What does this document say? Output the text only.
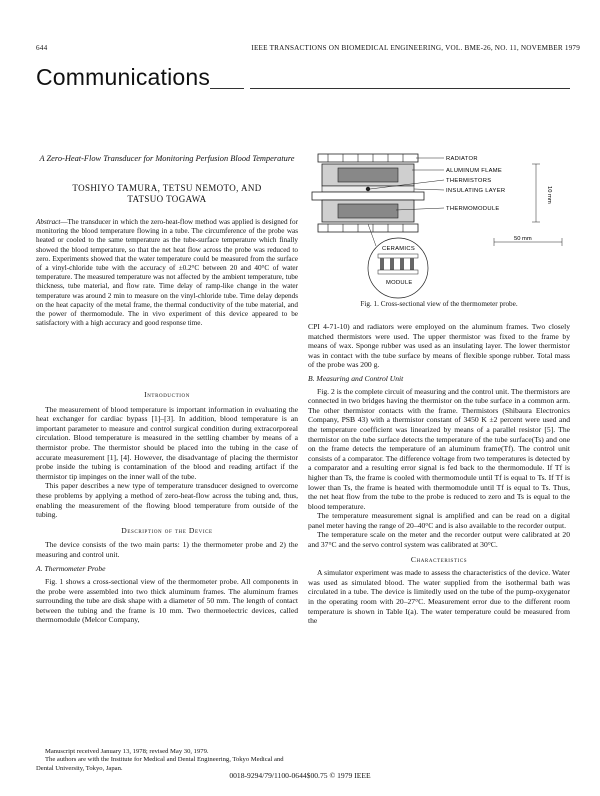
644	IEEE TRANSACTIONS ON BIOMEDICAL ENGINEERING, VOL. BME-26, NO. 11, NOVEMBER 1979
Communications
A Zero-Heat-Flow Transducer for Monitoring Perfusion Blood Temperature
TOSHIYO TAMURA, TETSU NEMOTO, AND
TATSUO TOGAWA

Abstract—The transducer in which the zero-heat-flow method was applied is designed for monitoring the blood temperature flowing in a tube. The circumference of the probe was heated or cooled to the same temperature as the tube-surface temperature which finally showed the blood temperature, so that the net heat flow across the probe was reduced to zero. Experiments showed that the water temperature could be measured from the surface of a vinyl-chloride tube with the accuracy of ±0.2°C between 20 and 40°C of water temperature. The measured temperature was not affected by the ambient temperature, tube thickness, tube material, and flow rate. Time delay of ramp-like change in the water temperature was around 2 min to measure on the vinyl-chloride tube. Time delay depends on the heat capacity of the metal frame, the thermal conductivity of the tube material, and the power of thermomodule. The in vivo experiment of this device appeared to be satisfactory with a high accuracy and good response time.

Introduction

The measurement of blood temperature is important information in evaluating the heat exchanger for cardiac bypass [1]–[3]. In addition, blood temperature is an important parameter to measure and control surgical condition during extracorporeal circulation. Blood temperature is measured in the settling chamber by means of a thermistor probe. The thermistor should be placed into the tubing in the case of accurate measurement [1], [4]. However, the disadvantage of placing the thermistor probe inside the tubing is contamination of the blood and reading artifact if the thermistor tip impinges on the inner wall of the tube.

This paper describes a new type of temperature transducer designed to overcome these problems by applying a method of zero-heat-flow across the tubing and, thus, enabling the measurement of the flowing blood temperature from outside of the tubing.

Description of the Device

The device consists of the two main parts: 1) the thermometer probe and 2) the measuring and control unit.

A. Thermometer Probe

Fig. 1 shows a cross-sectional view of the thermometer probe. All components in the probe were assembled into two thick aluminum frames. The aluminum frames surrounding the tube are disk shape with a diameter of 50 mm. The length of contact between the tubing and the frame is 10 mm. Two thermoelectric devices, called thermomodule (Melcor Company,

Manuscript received January 13, 1978; revised May 30, 1979.

The authors are with the Institute for Medical and Dental Engineering, Tokyo Medical and Dental University, Tokyo, Japan.

RADIATOR
ALUMINUM FLAME
THERMISTORS
INSULATING LAYER
THERMOMODULE
10 mm
50 mm
CERAMICS
MODULE
Fig. 1. Cross-sectional view of the thermometer probe.

CPI 4-71-10) and radiators were employed on the aluminum frames. Two closely matched thermistors were used. The upper thermistor was fixed to the frame by means of wax. Sponge rubber was used as an insulating layer. The lower thermistor was in contact with the tube surface by means of flexible sponge rubber. Total mass of the probe was 200 g.

B. Measuring and Control Unit

Fig. 2 is the complete circuit of measuring and the control unit. The thermistors are connected in two bridges having the thermistor on the tube surface in a common arm. The other thermistor contacts with the frame. Thermistors (Shibaura Electronics Company, PSB 43) with a thermistor constant of 3450 K ±2 percent were used and the temperature coefficient was linearized by means of a parallel resistor [5]. The thermistor on the tube surface detects the temperature of the tube surface(Ts) and one on the frame detects the temperature of an aluminum frame(Tf). The control unit consists of a comparator. The difference voltage from two temperatures is detected by a comparator and a resulting error signal is fed back to the thermomodule. If Tf is higher than Ts, the frame is cooled with thermomodule until Tf is equal to Ts. If Tf is lower than Ts, the frame is heated with thermomodule until Tf is equal to Ts. Thus, the net heat flow from the tube to the probe is reduced to zero and Ts is equal to the blood temperature.

The temperature measurement signal is amplified and can be read on a digital panel meter having the range of 20–40°C and is also available to the recorder output.

The temperature scale on the meter and the recorder output were calibrated at 20 and 37°C and the servo control system was calibrated at 30°C.

Characteristics

A simulator experiment was made to assess the characteristics of the device. Water was used as simulated blood. The water supplied from the isothermal bath was circulated in a tube. The device is limitedly used on the tube of the pump-oxygenator in the operating room with 20–27°C. Measurement error due to the different room temperature is shown in Table I(a). The water temperature could be measured from the

0018-9294/79/1100-0644$00.75 © 1979 IEEE
